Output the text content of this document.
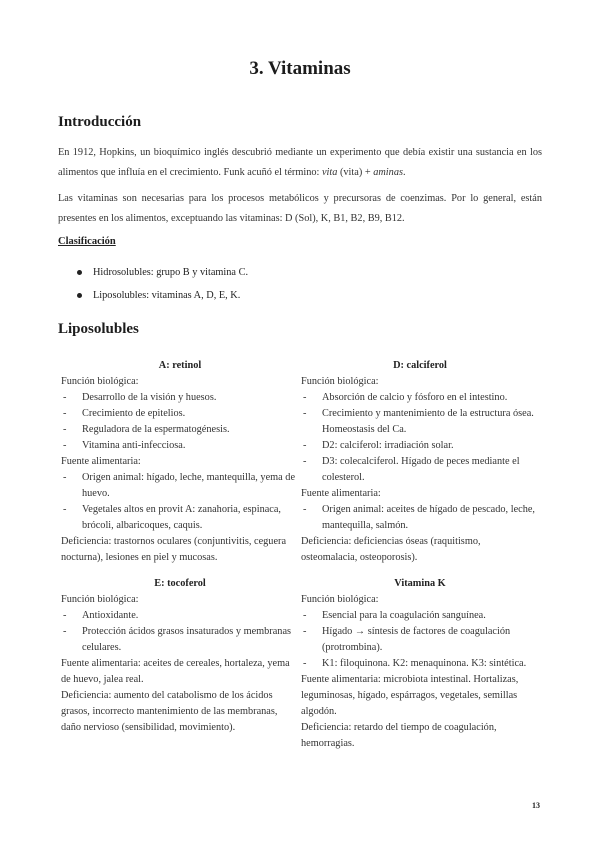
3. Vitaminas
Introducción

En 1912, Hopkins, un bioquímico inglés descubrió mediante un experimento que debía existir una sustancia en los alimentos que influía en el crecimiento. Funk acuñó el término: vita (vita) + aminas.

Las vitaminas son necesarias para los procesos metabólicos y precursoras de coenzimas. Por lo general, están presentes en los alimentos, exceptuando las vitaminas: D (Sol), K, B1, B2, B9, B12.

Clasificación

Hidrosolubles: grupo B y vitamina C.
Liposolubles: vitaminas A, D, E, K.
Liposolubles

A: retinol

Función biológica:

- Desarrollo de la visión y huesos.

- Crecimiento de epitelios.

- Reguladora de la espermatogénesis.

- Vitamina anti-infecciosa.

Fuente alimentaria:

- Origen animal: hígado, leche, mantequilla, yema de huevo.

- Vegetales altos en provit A: zanahoria, espinaca, brócoli, albaricoques, caquis.

Deficiencia: trastornos oculares (conjuntivitis, ceguera nocturna), lesiones en piel y mucosas.

D: calciferol

Función biológica:

- Absorción de calcio y fósforo en el intestino.

- Crecimiento y mantenimiento de la estructura ósea. Homeostasis del Ca.

- D2: calciferol: irradiación solar.

- D3: colecalciferol. Hígado de peces mediante el colesterol.

Fuente alimentaria:

- Origen animal: aceites de hígado de pescado, leche, mantequilla, salmón.

Deficiencia: deficiencias óseas (raquitismo, osteomalacia, osteoporosis).

E: tocoferol

Función biológica:

- Antioxidante.

- Protección ácidos grasos insaturados y membranas celulares.

Fuente alimentaria: aceites de cereales, hortaleza, yema de huevo, jalea real.

Deficiencia: aumento del catabolismo de los ácidos grasos, incorrecto mantenimiento de las membranas, daño nervioso (sensibilidad, movimiento).

Vitamina K

Función biológica:

- Esencial para la coagulación sanguínea.

- Hígado → síntesis de factores de coagulación (protrombina).

- K1: filoquinona. K2: menaquinona. K3: sintética.

Fuente alimentaria: microbiota intestinal. Hortalizas, leguminosas, hígado, espárragos, vegetales, semillas algodón.

Deficiencia: retardo del tiempo de coagulación, hemorragias.

13
